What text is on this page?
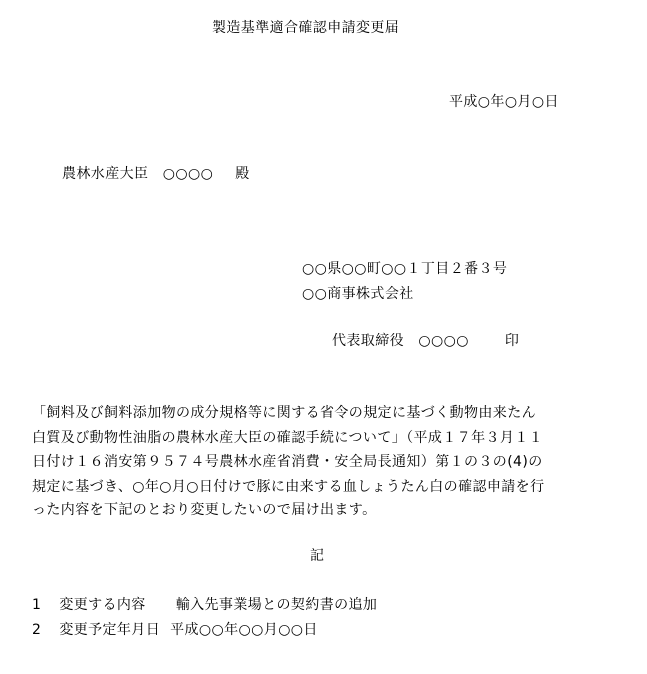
製造基準適合確認申請変更届
平成○年○月○日
農林水産大臣　○○○○ 殿
○○県○○町○○１丁目２番３号
○○商事株式会社
代表取締役　○○○○	印
「飼料及び飼料添加物の成分規格等に関する省令の規定に基づく動物由来たん
白質及び動物性油脂の農林水産大臣の確認手続について」（平成１７年３月１１
日付け１６消安第９５７４号農林水産省消費・安全局長通知）第１の３の(4)の
規定に基づき、○年○月○日付けで豚に由来する血しょうたん白の確認申請を行
った内容を下記のとおり変更したいので届け出ます。
記
1 変更する内容 輸入先事業場との契約書の追加
2 変更予定年月日 平成○○年○○月○○日
